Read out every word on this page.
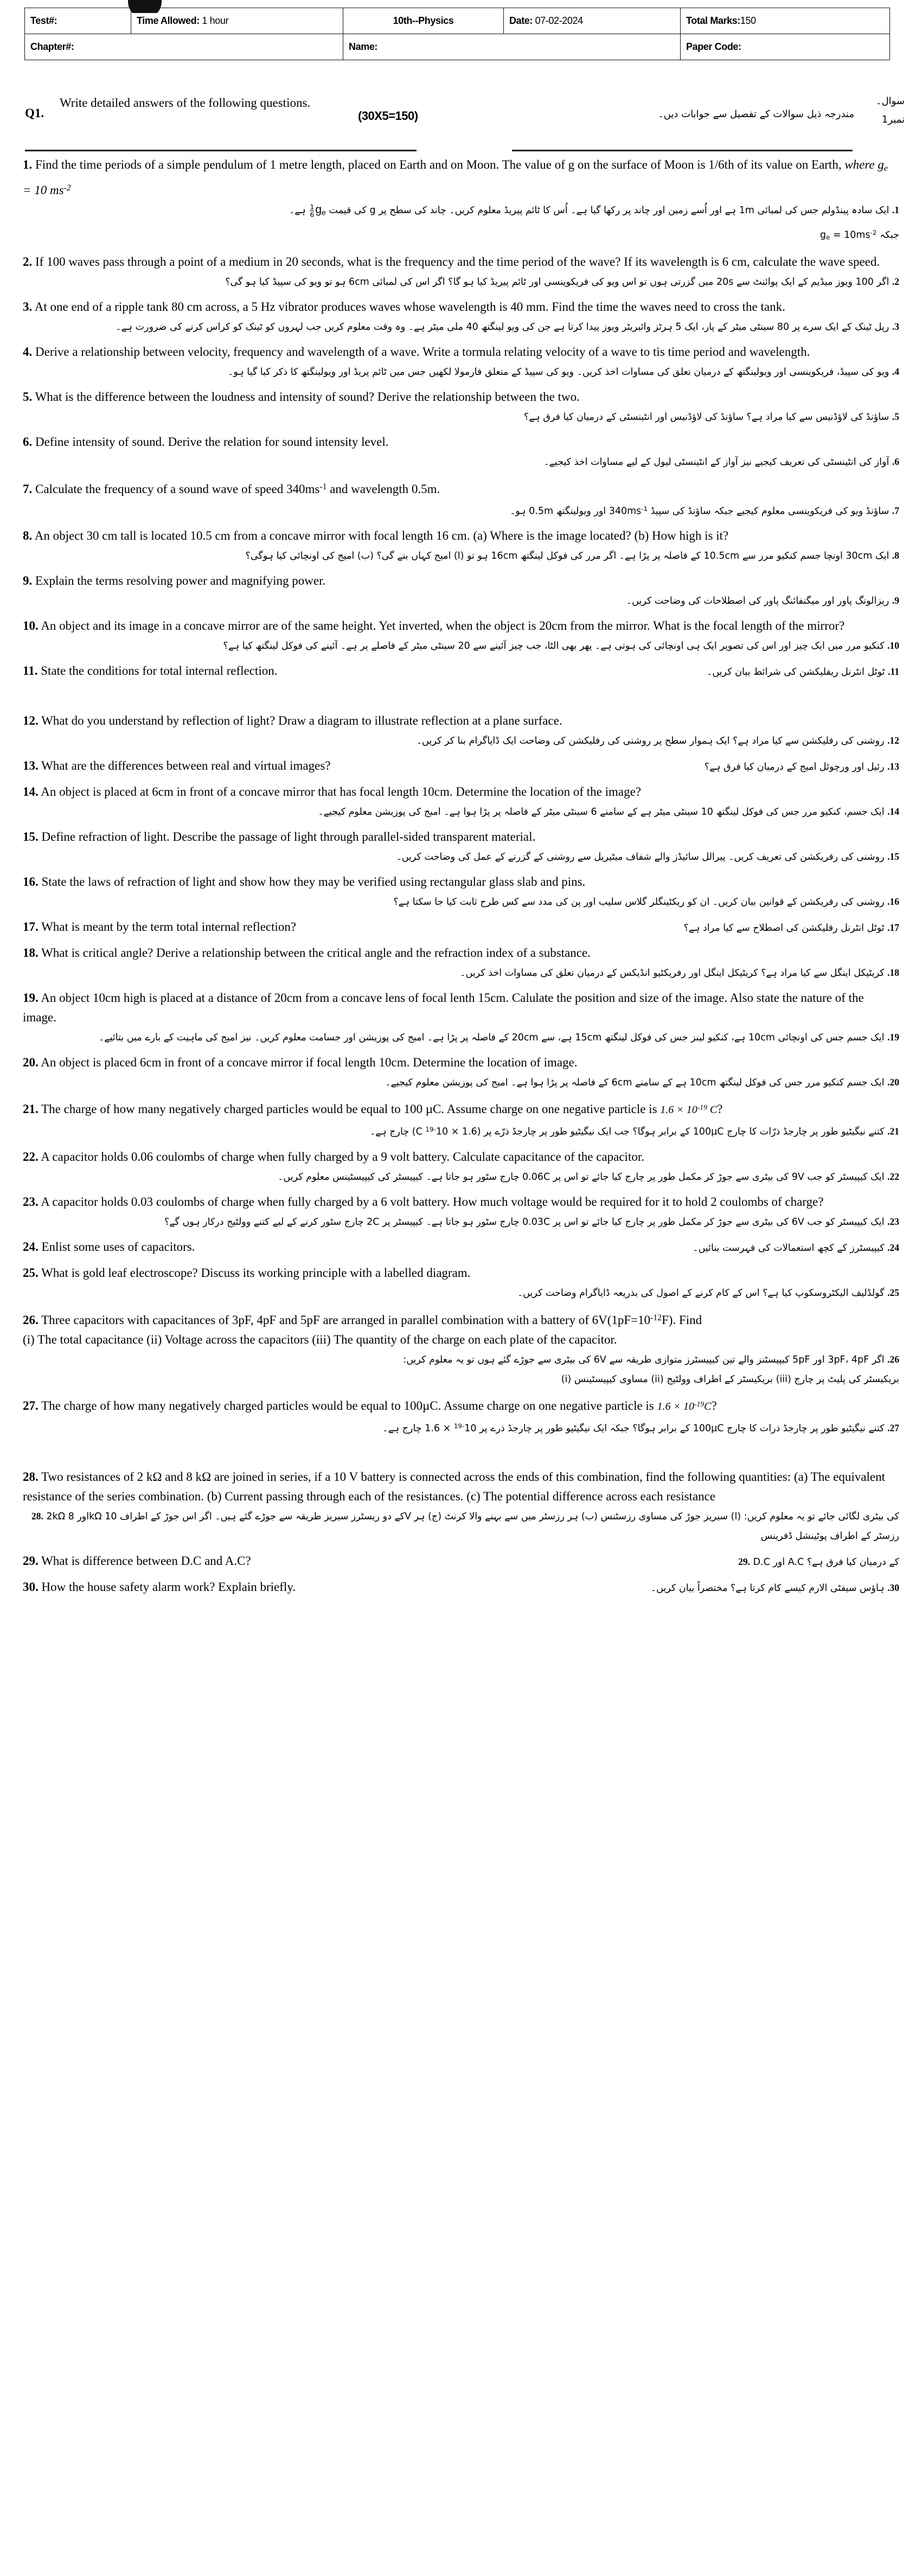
Test#:	Time Allowed: 1 hour	10th--Physics	Date: 07-02-2024	Total Marks:150
Chapter#:		Name:		Paper Code:
Q1.
Write detailed answers of the following questions.
(30X5=150)	مندرجہ ذیل سوالات کے تفصیل سے جوابات دیں۔
سوال۔
نمبر1
1. Find the time periods of a simple pendulum of 1 metre length, placed on Earth and on Moon. The value of g on the surface of Moon is 1/6th of its value on Earth, where $g_e = 10$ $ms^{-2}$
1. ایک سادہ پینڈولم جس کی لمبائی 1m ہے اور اُسے زمین اور چاند پر رکھا گیا ہے۔ اُس کا ٹائم پیریڈ معلوم کریں۔ چاند کی سطح پر g کی قیمت $g_e$
$\frac{1}{6}$
ہے۔
جبکہ $g_e = 10ms^{-2}$
2. If 100 waves pass through a point of a medium in 20 seconds, what is the frequency and the time period of the wave? If its wavelength is 6 cm, calculate the wave speed.
2. اگر 100 ویوز میڈیم کے ایک پوائنٹ سے 20s میں گزرتی ہوں تو اس ویو کی فریکوینسی اور ٹائم پیریڈ کیا ہو گا؟ اگر اس کی لمبائی 6cm ہو تو ویو کی سپیڈ کیا ہو گی؟
3. At one end of a ripple tank 80 cm across, a 5 Hz vibrator produces waves whose wavelength is 40 mm. Find the time the waves need to cross the tank.
3. رپل ٹینک کے ایک سرے پر 80 سینٹی میٹر کے پار، ایک 5 ہرٹز وائبریٹر ویوز پیدا کرتا ہے جن کی ویو لینگتھ 40 ملی میٹر ہے۔ وہ وقت معلوم کریں جب لہروں کو ٹینک کو کراس کرنے کی ضرورت ہے۔
4. Derive a relationship between velocity, frequency and wavelength of a wave. Write a tormula relating velocity of a wave to tis time period and wavelength.
4. ویو کی سپیڈ، فریکوینسی اور ویولینگتھ کے درمیان تعلق کی مساوات اخذ کریں۔ ویو کی سپیڈ کے متعلق فارمولا لکھیں جس میں ٹائم پریڈ اور ویولینگتھ کا ذکر کیا گیا ہو۔
5. What is the difference between the loudness and intensity of sound? Derive the relationship between the two.
5. ساؤنڈ کی لاؤڈنیس سے کیا مراد ہے؟ ساؤنڈ کی لاؤڈنیس اور انٹینسٹی کے درمیان کیا فرق ہے؟
6. Define intensity of sound. Derive the relation for sound intensity level.
6. آواز کی انٹینسٹی کی تعریف کیجیے نیز آواز کے انٹینسٹی لیول کے لیے مساوات اخذ کیجیے۔
7. Calculate the frequency of a sound wave of speed $340ms^{-1}$ and wavelength 0.5m.
7. ساؤنڈ ویو کی فریکوینسی معلوم کیجیے جبکہ ساؤنڈ کی سپیڈ $340ms^{-1}$ اور ویولینگتھ 0.5m ہو۔
8. An object 30 cm tall is located 10.5 cm from a concave mirror with focal length 16 cm. (a) Where is the image located? (b) How high is it?
8. ایک 30cm اونچا جسم کنکیو مرر سے 10.5cm کے فاصلہ پر پڑا ہے۔ اگر مرر کی فوکل لینگتھ 16cm ہو تو (ا) امیج کہاں بنے گی؟ (ب) امیج کی اونچائی کیا ہوگی؟
9. Explain the terms resolving power and magnifying power.
9. ریزالونگ پاور اور میگنفائنگ پاور کی اصطلاحات کی وضاحت کریں۔
10. An object and its image in a concave mirror are of the same height. Yet inverted, when the object is 20cm from the mirror. What is the focal length of the mirror?
10. کنکیو مرر میں ایک چیز اور اس کی تصویر ایک ہی اونچائی کی ہوتی ہے۔ پھر بھی الٹا، جب چیز آئینے سے 20 سینٹی میٹر کے فاصلے پر ہے۔ آئینے کی فوکل لینگتھ کیا ہے؟
11. State the conditions for total internal reflection.	11. ٹوٹل انٹرنل ریفلیکشن کی شرائط بیان کریں۔
12. What do you understand by reflection of light? Draw a diagram to illustrate reflection at a plane surface.
12. روشنی کی رفلیکشن سے کیا مراد ہے؟ ایک ہموار سطح پر روشنی کی رفلیکشن کی وضاحت ایک ڈایاگرام بنا کر کریں۔
13. What are the differences between real and virtual images?	13. رئیل اور ورچوئل امیج کے درمیان کیا فرق ہے؟
14. An object is placed at 6cm in front of a concave mirror that has focal length 10cm. Determine the location of the image?
14. ایک جسم، کنکیو مرر جس کی فوکل لینگتھ 10 سینٹی میٹر ہے کے سامنے 6 سینٹی میٹر کے فاصلہ پر پڑا ہوا ہے۔ امیج کی پوزیشن معلوم کیجیے۔
15. Define refraction of light. Describe the passage of light through parallel-sided transparent material.
15. روشنی کی رفریکشن کی تعریف کریں۔ پیرالل سائیڈز والے شفاف میٹیریل سے روشنی کے گزرنے کے عمل کی وضاحت کریں۔
16. State the laws of refraction of light and show how they may be verified using rectangular glass slab and pins.
16. روشنی کی رفریکشن کے قوانین بیان کریں۔ ان کو ریکٹینگلر گلاس سلیب اور پن کی مدد سے کس طرح ثابت کیا جا سکتا ہے؟
17. What is meant by the term total internal reflection?	17. ٹوٹل انٹرنل رفلیکشن کی اصطلاح سے کیا مراد ہے؟
18. What is critical angle? Derive a relationship between the critical angle and the refraction index of a substance.
18. کریٹیکل اینگل سے کیا مراد ہے؟ کریٹیکل اینگل اور رفریکٹیو انڈیکس کے درمیان تعلق کی مساوات اخذ کریں۔
19. An object 10cm high is placed at a distance of 20cm from a concave lens of focal lenth 15cm. Calulate the position and size of the image. Also state the nature of the image.
19. ایک جسم جس کی اونچائی 10cm ہے، کنکیو لینز جس کی فوکل لینگتھ 15cm ہے، سے 20cm کے فاصلہ پر پڑا ہے۔ امیج کی پوزیشن اور جسامت معلوم کریں۔ نیز امیج کی ماہیت کے بارے میں بتائیے۔
20. An object is placed 6cm in front of a concave mirror if focal length 10cm. Determine the location of image.
20. ایک جسم کنکیو مرر جس کی فوکل لینگتھ 10cm ہے کے سامنے 6cm کے فاصلہ پر پڑا ہوا ہے۔ امیج کی پوزیشن معلوم کیجیے۔
21. The charge of how many negatively charged particles would be equal to 100 µC. Assume charge on one negative particle is $1.6 \times 10^{-19}$ C?
21. کتنے نیگیٹیو طور پر چارجڈ ذرّات کا چارج 100µC کے برابر ہوگا؟ جب ایک نیگیٹیو طور پر چارجڈ ذرّے پر ($1.6 \times 10^{-19}$ C) چارج ہے۔
22. A capacitor holds 0.06 coulombs of charge when fully charged by a 9 volt battery. Calculate capacitance of the capacitor.
22. ایک کیپیسٹر کو جب 9V کی بیٹری سے جوڑ کر مکمل طور پر چارج کیا جائے تو اس پر 0.06C چارج سٹور ہو جاتا ہے۔ کیپیسٹر کی کیپیسٹینس معلوم کریں۔
23. A capacitor holds 0.03 coulombs of charge when fully charged by a 6 volt battery. How much voltage would be required for it to hold 2 coulombs of charge?
23. ایک کیپیسٹر کو جب 6V کی بیٹری سے جوڑ کر مکمل طور پر چارج کیا جائے تو اس پر 0.03C چارج سٹور ہو جاتا ہے۔ کیپیسٹر پر 2C چارج سٹور کرنے کے لیے کتنے وولٹیج درکار ہوں گے؟
24. Enlist some uses of capacitors.	24. کیپیسٹرز کے کچھ استعمالات کی فہرست بنائیں۔
25. What is gold leaf electroscope? Discuss its working principle with a labelled diagram.
25. گولڈلیف الیکٹروسکوپ کیا ہے؟ اس کے کام کرنے کے اصول کی بذریعہ ڈایاگرام وضاحت کریں۔
26. Three capacitors with capacitances of 3pF, 4pF and 5pF are arranged in parallel combination with a battery of $6V(1pF=10^{-12}F)$. Find
(i) The total capacitance (ii) Voltage across the capacitors (iii) The quantity of the charge on each plate of the capacitor.
26. اگر 3pF، 4pF اور 5pF کیپیسٹنز والے تین کیپیسٹرز متوازی طریقہ سے 6V کی بیٹری سے جوڑے گئے ہوں تو یہ معلوم کریں:
(i) مساوی کیپیسٹینس (ii) بریکیسٹر کے اطراف وولٹیج (iii) بریکیسٹر کی پلیٹ پر چارج
27. The charge of how many negatively charged particles would be equal to 100µC. Assume charge on one negative particle is $1.6 \times 10^{-19}C$?
27. کتنے نیگیٹیو طور پر چارجڈ ذرات کا چارج 100µC کے برابر ہوگا؟ جبکہ ایک نیگیٹیو طور پر چارجڈ ذرے پر $10^{-19} \times 1.6$ چارج ہے۔
28. Two resistances of 2 kΩ and 8 kΩ are joined in series, if a 10 V battery is connected across the ends of this combination, find the following quantities: (a) The equivalent resistance of the series combination. (b) Current passing through each of the resistances. (c) The potential difference across each resistance
28. 2kΩ اور 8kΩ کے دو ریسٹرز سیریز طریقہ سے جوڑے گئے ہیں۔ اگر اس جوڑ کے اطراف 10V کی بیٹری لگائی جائے تو یہ معلوم کریں: (ا) سیریز جوڑ کی مساوی رزسٹنس (ب) ہر رزسٹر میں سے بہنے والا کرنٹ (ج) ہر رزسٹر کے اطراف پوٹینشل ڈفرینس
29. What is difference between D.C and A.C?	29. D.C اور A.C کے درمیان کیا فرق ہے؟
30. How the house safety alarm work? Explain briefly.	30. ہاؤس سیفٹی الارم کیسے کام کرتا ہے؟ مختصراً بیان کریں۔
